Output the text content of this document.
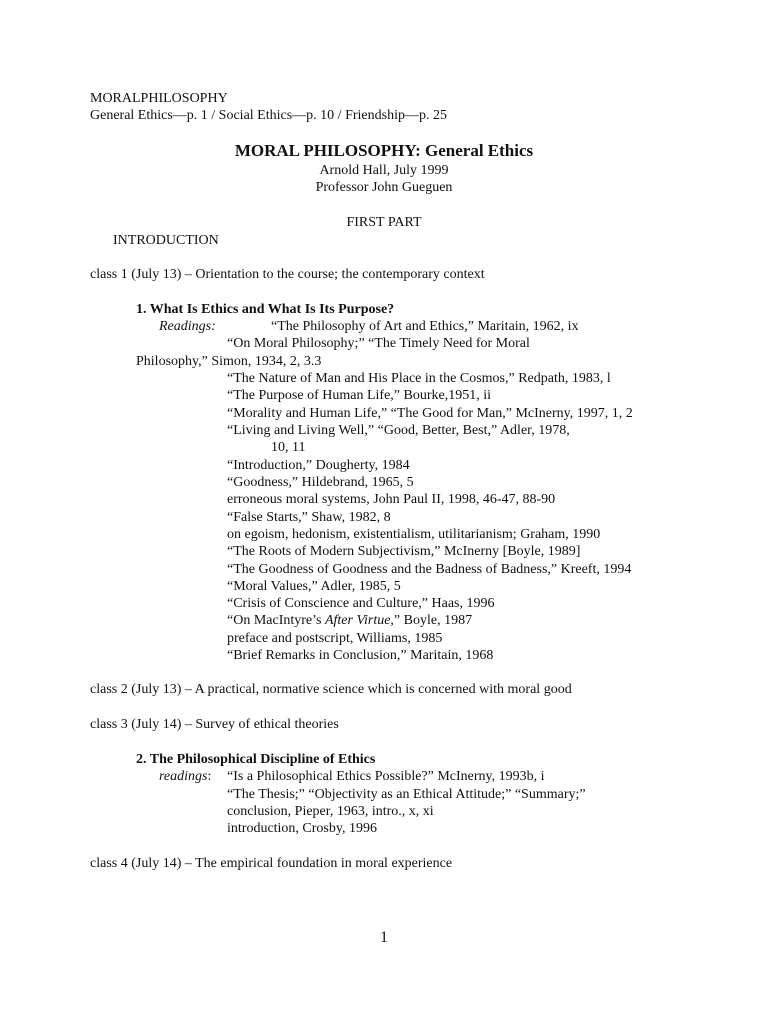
MORALPHILOSOPHY
General Ethics—p. 1 / Social Ethics—p. 10 / Friendship—p. 25
MORAL PHILOSOPHY: General Ethics
Arnold Hall, July 1999
Professor John Gueguen
FIRST PART
INTRODUCTION
class 1 (July 13) – Orientation to the course; the contemporary context
1. What Is Ethics and What Is Its Purpose?
Readings:	“The Philosophy of Art and Ethics,” Maritain, 1962, ix
“On Moral Philosophy;” “The Timely Need for Moral
Philosophy,” Simon, 1934, 2, 3.3
“The Nature of Man and His Place in the Cosmos,” Redpath, 1983, l
“The Purpose of Human Life,” Bourke,1951, ii
“Morality and Human Life,” “The Good for Man,” McInerny, 1997, 1, 2
“Living and Living Well,” “Good, Better, Best,” Adler, 1978,
10, 11
“Introduction,” Dougherty, 1984
“Goodness,” Hildebrand, 1965, 5
erroneous moral systems, John Paul II, 1998, 46-47, 88-90
“False Starts,” Shaw, 1982, 8
on egoism, hedonism, existentialism, utilitarianism; Graham, 1990
“The Roots of Modern Subjectivism,” McInerny [Boyle, 1989]
“The Goodness of Goodness and the Badness of Badness,” Kreeft, 1994
“Moral Values,” Adler, 1985, 5
“Crisis of Conscience and Culture,” Haas, 1996
“On MacIntyre’s After Virtue,” Boyle, 1987
preface and postscript, Williams, 1985
“Brief Remarks in Conclusion,” Maritain, 1968
class 2 (July 13) – A practical, normative science which is concerned with moral good
class 3 (July 14) – Survey of ethical theories
2. The Philosophical Discipline of Ethics
readings: “Is a Philosophical Ethics Possible?” McInerny, 1993b, i
“The Thesis;” “Objectivity as an Ethical Attitude;” “Summary;”
conclusion, Pieper, 1963, intro., x, xi
introduction, Crosby, 1996
class 4 (July 14) – The empirical foundation in moral experience
1
